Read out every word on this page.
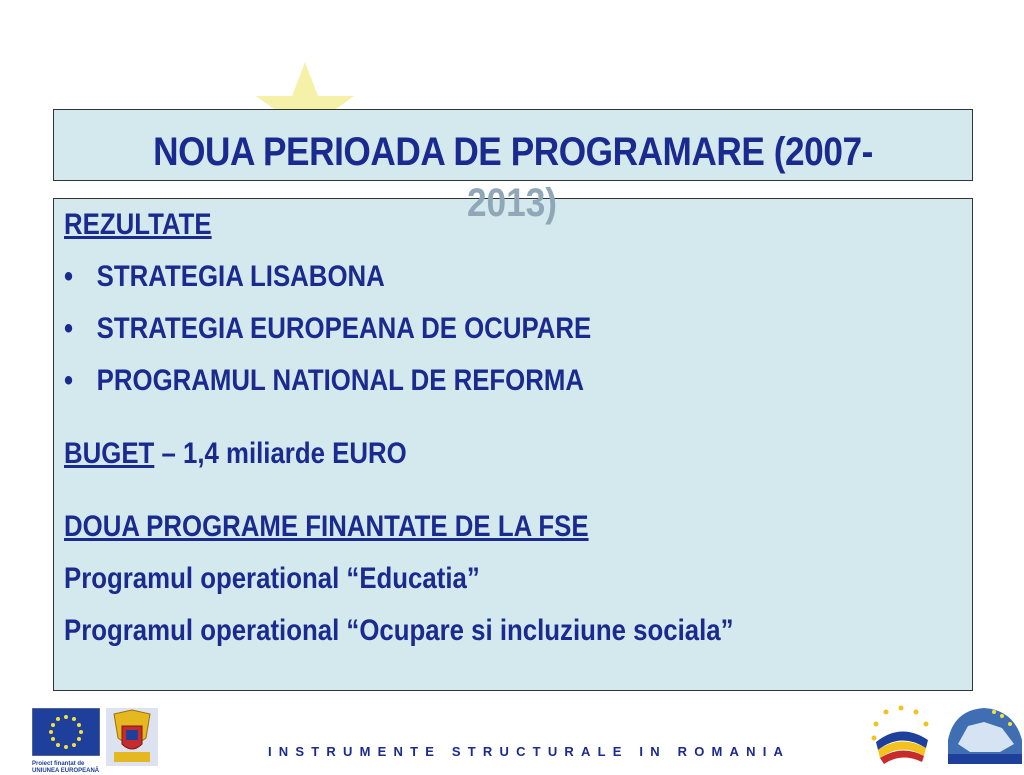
NOUA PERIOADA DE PROGRAMARE (2007-
2013)
REZULTATE
• STRATEGIA LISABONA
• STRATEGIA EUROPEANA DE OCUPARE
• PROGRAMUL NATIONAL DE REFORMA
BUGET – 1,4 miliarde EURO
DOUA PROGRAME FINANTATE DE LA FSE
Programul operational “Educatia”
Programul operational “Ocupare si incluziune sociala”
Proiect finanțat de
UNIUNEA EUROPEANĂ
INSTRUMENTE STRUCTURALE IN ROMANIA
